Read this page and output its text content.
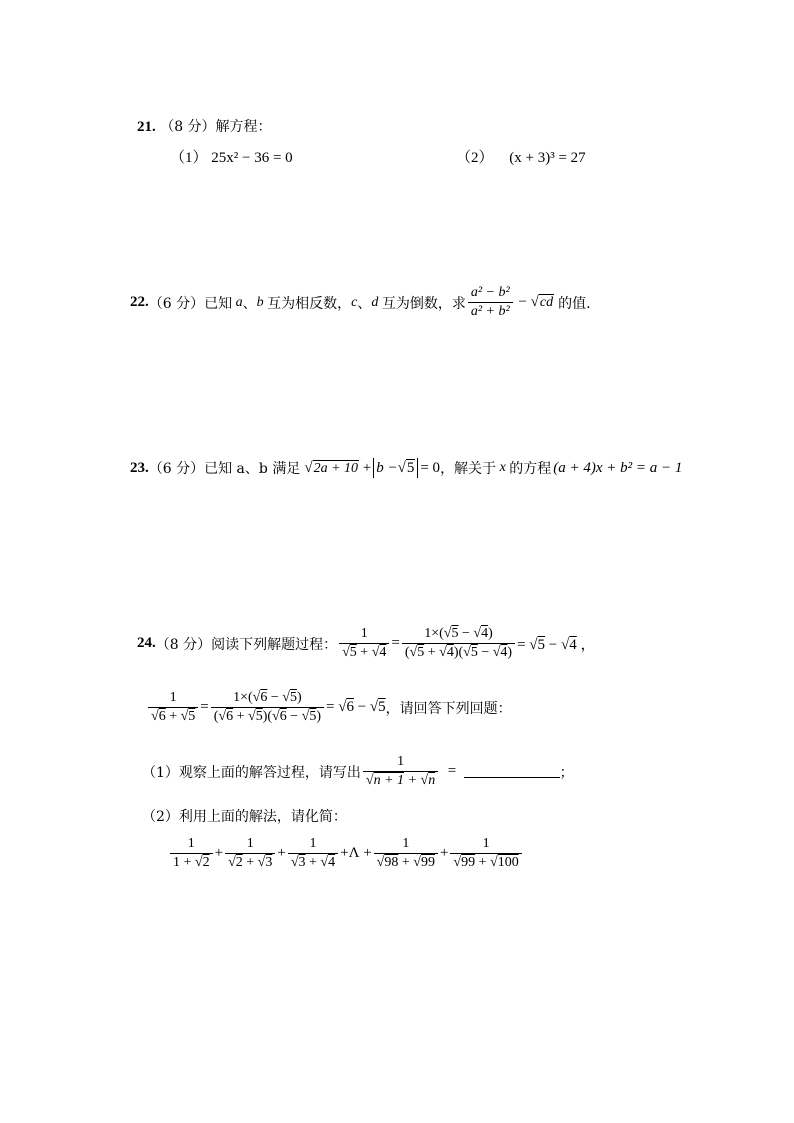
21. （8 分）解方程：
（1） 25x² − 36 = 0	（2） (x + 3)³ = 27
22. （6 分）已知 a 、 b 互为相反数， c 、 d 互为倒数，求 $\frac{\text{a² − b²}}{\text{a² + b²}} - √cd$ 的值.
23. （6 分）已知 a、b 满足 √2a + 10 + b − √5 = 0 ，解关于 x 的方程 (a + 4)x + b² = a − 1
24. （8 分）阅读下列解题过程： $\frac{1}{√5 + √4} = \frac{1\times(√5 - √4)}{(√5 + √4)(√5 - √4)} = √5 - √4$ ，
$\frac{1}{√6 + √5} = \frac{1\times(√6 - √5)}{(√6 + √5)(√6 - √5)} = √6 - √5$ ，请回答下列回题：
（1）观察上面的解答过程，请写出 $\frac{1}{√n + 1 + √n}$ =	；
（2）利用上面的解法，请化简：
$\frac{1}{1 + √2} + \frac{1}{√2 + √3} + \frac{1}{√3 + √4} + \Lambda + \frac{1}{√98 + √99} + \frac{1}{√99 + √100}$
